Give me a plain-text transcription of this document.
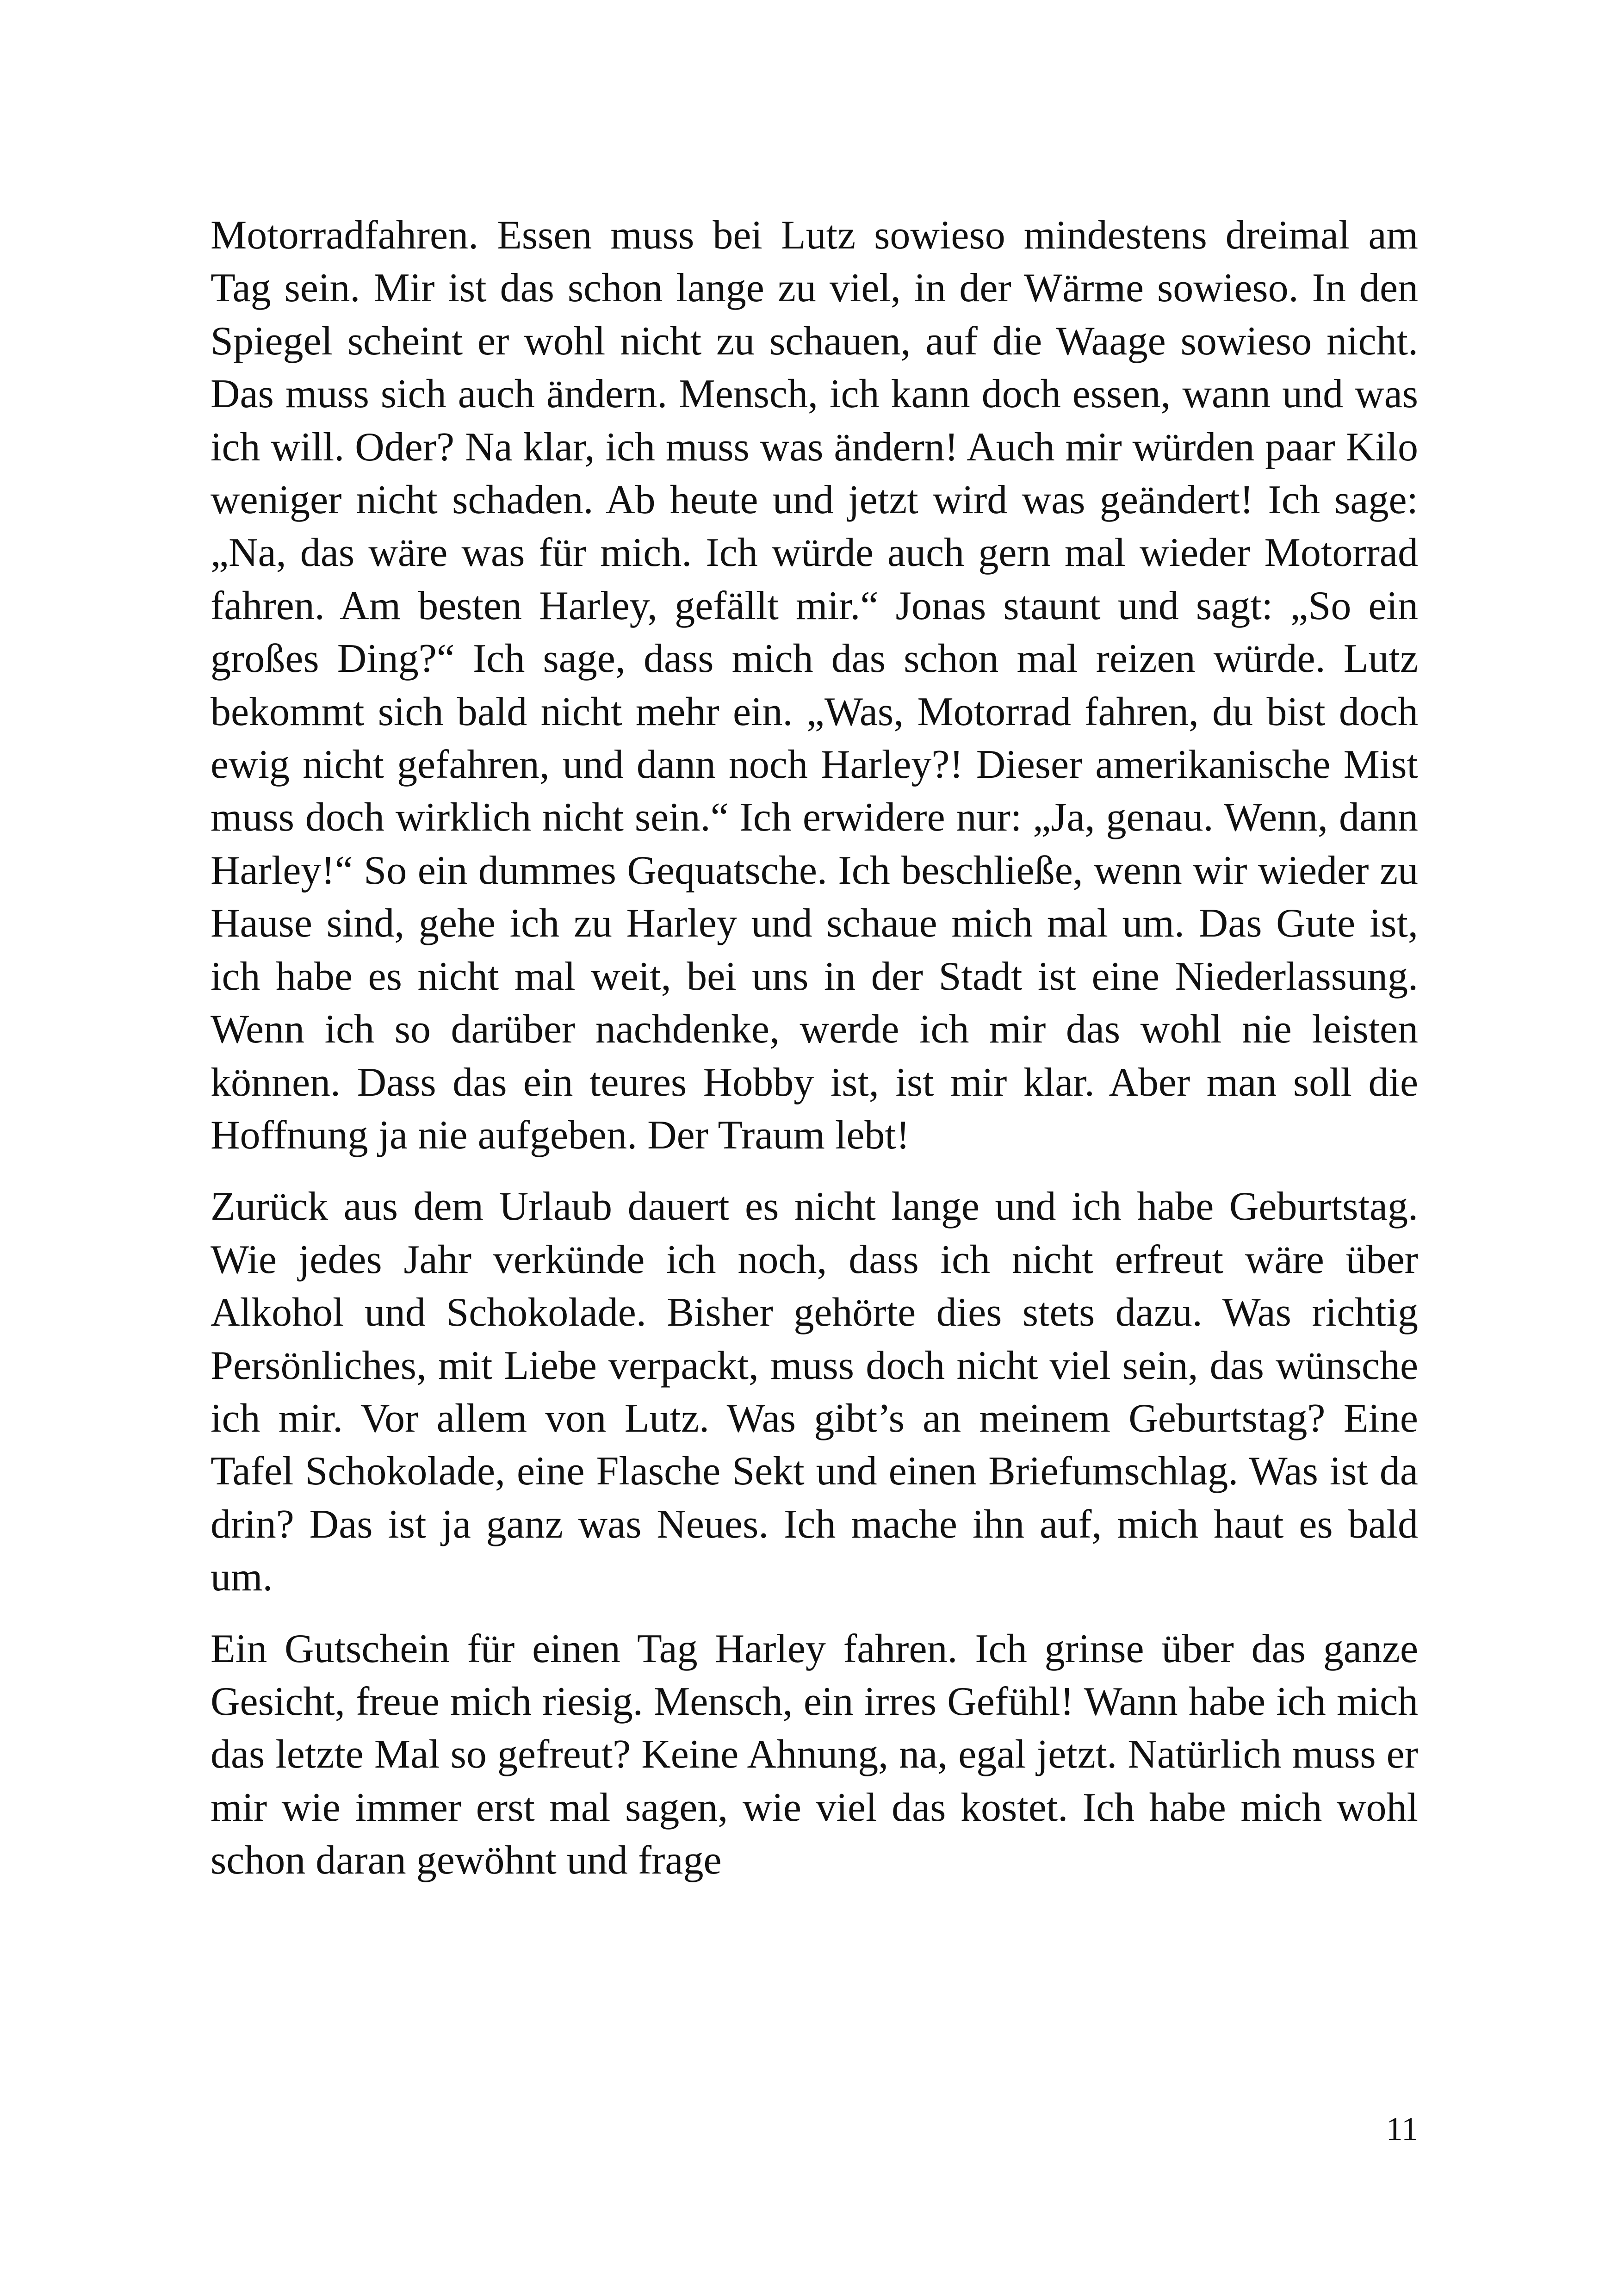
Motorradfahren. Essen muss bei Lutz sowieso mindestens dreimal am Tag sein. Mir ist das schon lange zu viel, in der Wärme sowieso. In den Spiegel scheint er wohl nicht zu schauen, auf die Waage sowieso nicht. Das muss sich auch ändern. Mensch, ich kann doch essen, wann und was ich will. Oder? Na klar, ich muss was ändern! Auch mir würden paar Kilo weniger nicht schaden. Ab heute und jetzt wird was geändert! Ich sage: „Na, das wäre was für mich. Ich würde auch gern mal wieder Motorrad fahren. Am besten Harley, gefällt mir.“ Jonas staunt und sagt: „So ein großes Ding?“ Ich sage, dass mich das schon mal reizen würde. Lutz bekommt sich bald nicht mehr ein. „Was, Motorrad fahren, du bist doch ewig nicht gefahren, und dann noch Harley?! Dieser amerikanische Mist muss doch wirklich nicht sein.“ Ich erwidere nur: „Ja, genau. Wenn, dann Harley!“ So ein dummes Gequatsche. Ich beschließe, wenn wir wieder zu Hause sind, gehe ich zu Harley und schaue mich mal um. Das Gute ist, ich habe es nicht mal weit, bei uns in der Stadt ist eine Niederlassung. Wenn ich so darüber nachdenke, werde ich mir das wohl nie leisten können. Dass das ein teures Hobby ist, ist mir klar. Aber man soll die Hoffnung ja nie aufgeben. Der Traum lebt!

Zurück aus dem Urlaub dauert es nicht lange und ich habe Geburtstag. Wie jedes Jahr verkünde ich noch, dass ich nicht erfreut wäre über Alkohol und Schokolade. Bisher gehörte dies stets dazu. Was richtig Persönliches, mit Liebe verpackt, muss doch nicht viel sein, das wünsche ich mir. Vor allem von Lutz. Was gibt’s an meinem Geburtstag? Eine Tafel Schokolade, eine Flasche Sekt und einen Briefumschlag. Was ist da drin? Das ist ja ganz was Neues. Ich mache ihn auf, mich haut es bald um.

Ein Gutschein für einen Tag Harley fahren. Ich grinse über das ganze Gesicht, freue mich riesig. Mensch, ein irres Gefühl! Wann habe ich mich das letzte Mal so gefreut? Keine Ahnung, na, egal jetzt. Natürlich muss er mir wie immer erst mal sagen, wie viel das kostet. Ich habe mich wohl schon daran gewöhnt und frage

11
